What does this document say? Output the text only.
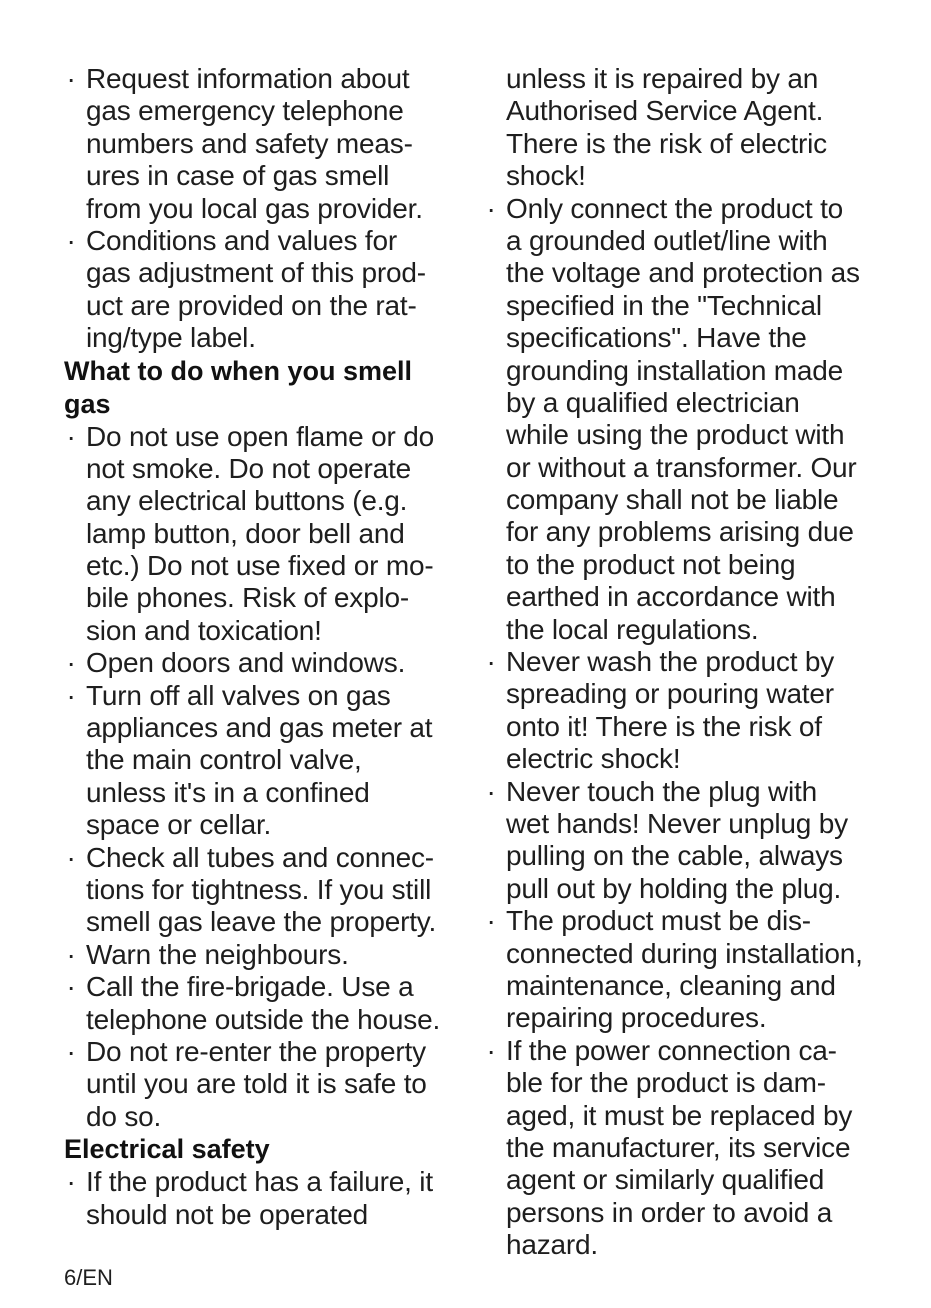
· Request information about
gas emergency telephone
numbers and safety meas-
ures in case of gas smell
from you local gas provider.
· Conditions and values for
gas adjustment of this prod-
uct are provided on the rat-
ing/type label.
What to do when you smell
gas
· Do not use open flame or do
not smoke. Do not operate
any electrical buttons (e.g.
lamp button, door bell and
etc.) Do not use fixed or mo-
bile phones. Risk of explo-
sion and toxication!
· Open doors and windows.
· Turn off all valves on gas
appliances and gas meter at
the main control valve,
unless it's in a confined
space or cellar.
· Check all tubes and connec-
tions for tightness. If you still
smell gas leave the property.
· Warn the neighbours.
· Call the fire-brigade. Use a
telephone outside the house.
· Do not re-enter the property
until you are told it is safe to
do so.
Electrical safety
· If the product has a failure, it
should not be operated
unless it is repaired by an
Authorised Service Agent.
There is the risk of electric
shock!
· Only connect the product to
a grounded outlet/line with
the voltage and protection as
specified in the "Technical
specifications". Have the
grounding installation made
by a qualified electrician
while using the product with
or without a transformer. Our
company shall not be liable
for any problems arising due
to the product not being
earthed in accordance with
the local regulations.
· Never wash the product by
spreading or pouring water
onto it! There is the risk of
electric shock!
· Never touch the plug with
wet hands! Never unplug by
pulling on the cable, always
pull out by holding the plug.
· The product must be dis-
connected during installation,
maintenance, cleaning and
repairing procedures.
· If the power connection ca-
ble for the product is dam-
aged, it must be replaced by
the manufacturer, its service
agent or similarly qualified
persons in order to avoid a
hazard.
6/EN
